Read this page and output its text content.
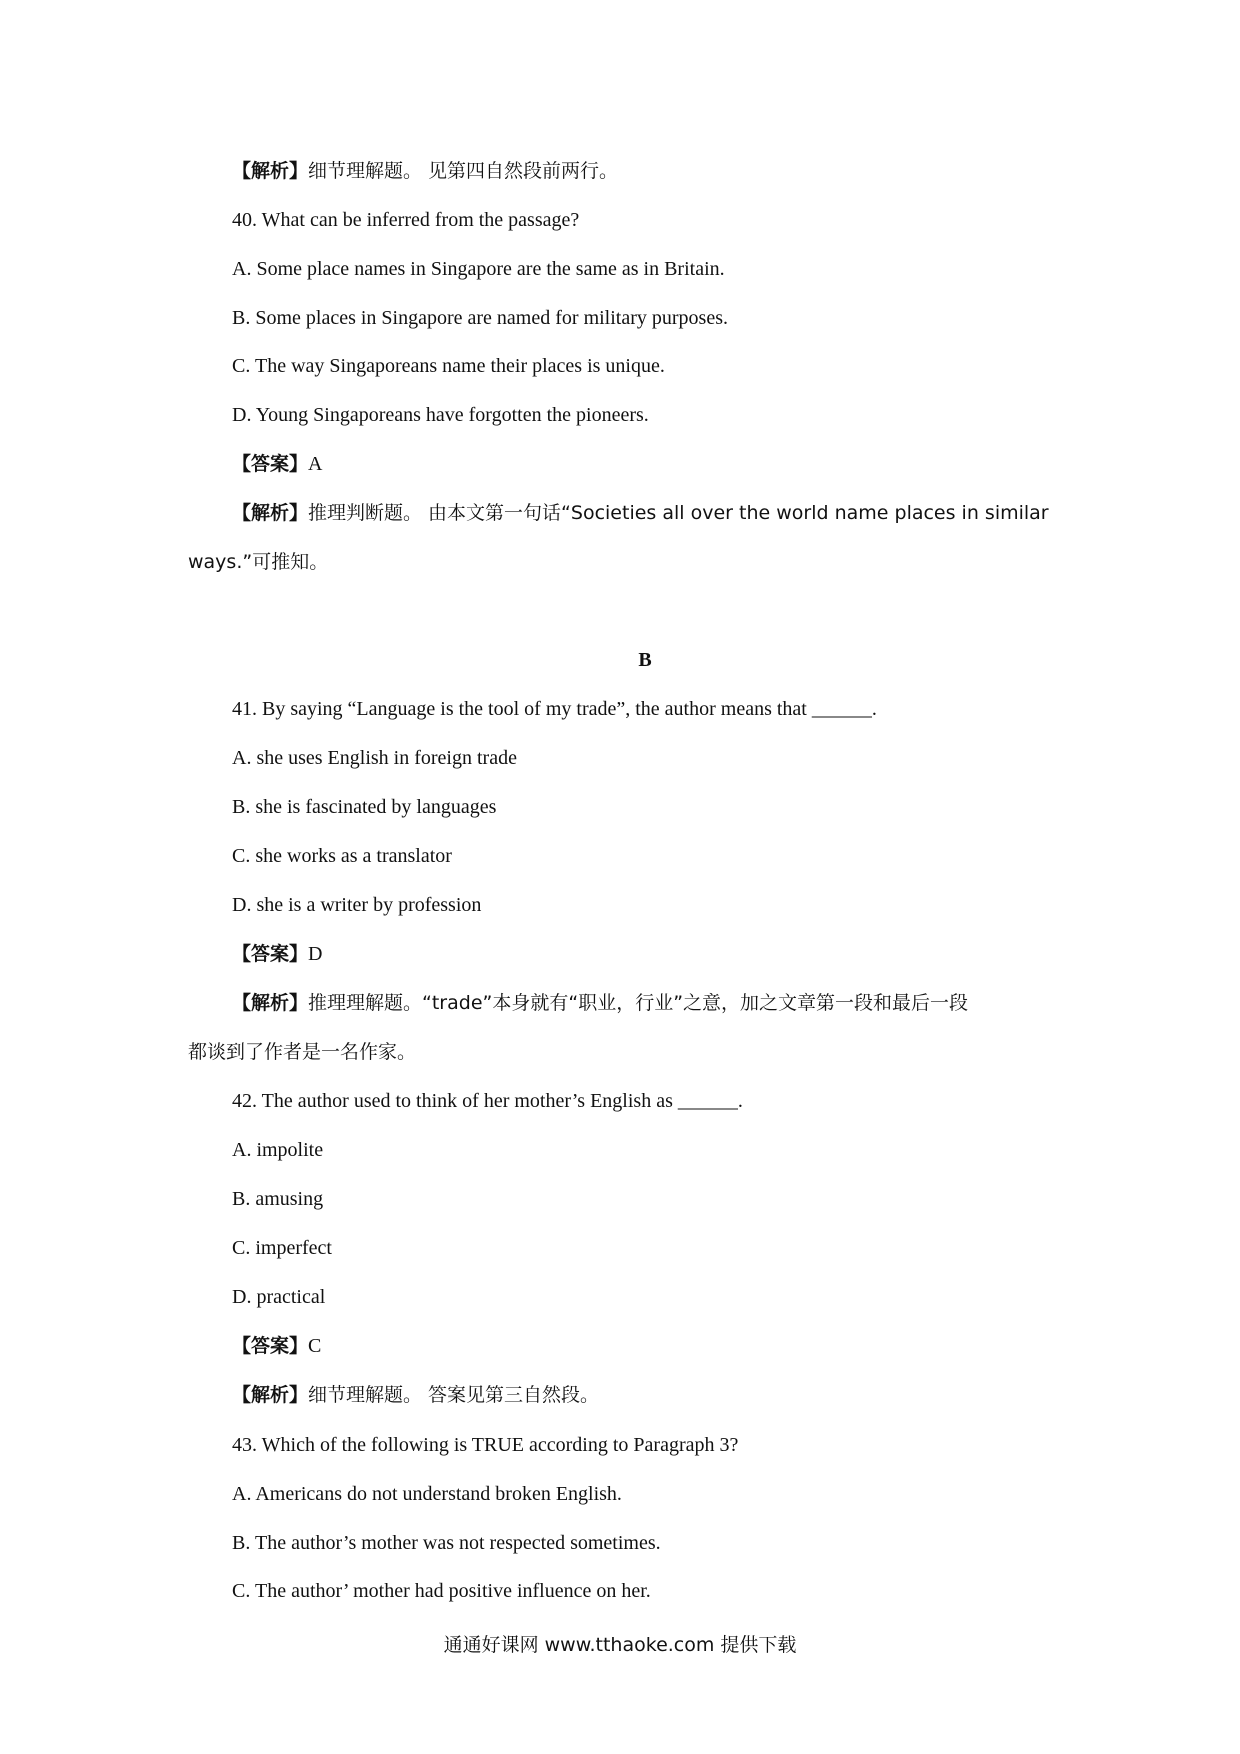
【解析】细节理解题。 见第四自然段前两行。
40. What can be inferred from the passage?
A. Some place names in Singapore are the same as in Britain.
B. Some places in Singapore are named for military purposes.
C. The way Singaporeans name their places is unique.
D. Young Singaporeans have forgotten the pioneers.
【答案】A
【解析】推理判断题。 由本文第一句话“Societies all over the world name places in similar
ways.”可推知。
B
41. By saying “Language is the tool of my trade”, the author means that ______.
A. she uses English in foreign trade
B. she is fascinated by languages
C. she works as a translator
D. she is a writer by profession
【答案】D
【解析】推理理解题。“trade”本身就有“职业，行业”之意，加之文章第一段和最后一段
都谈到了作者是一名作家。
42. The author used to think of her mother’s English as ______.
A. impolite
B. amusing
C. imperfect
D. practical
【答案】C
【解析】细节理解题。 答案见第三自然段。
43. Which of the following is TRUE according to Paragraph 3?
A. Americans do not understand broken English.
B. The author’s mother was not respected sometimes.
C. The author’ mother had positive influence on her.
通通好课网 www.tthaoke.com 提供下载
